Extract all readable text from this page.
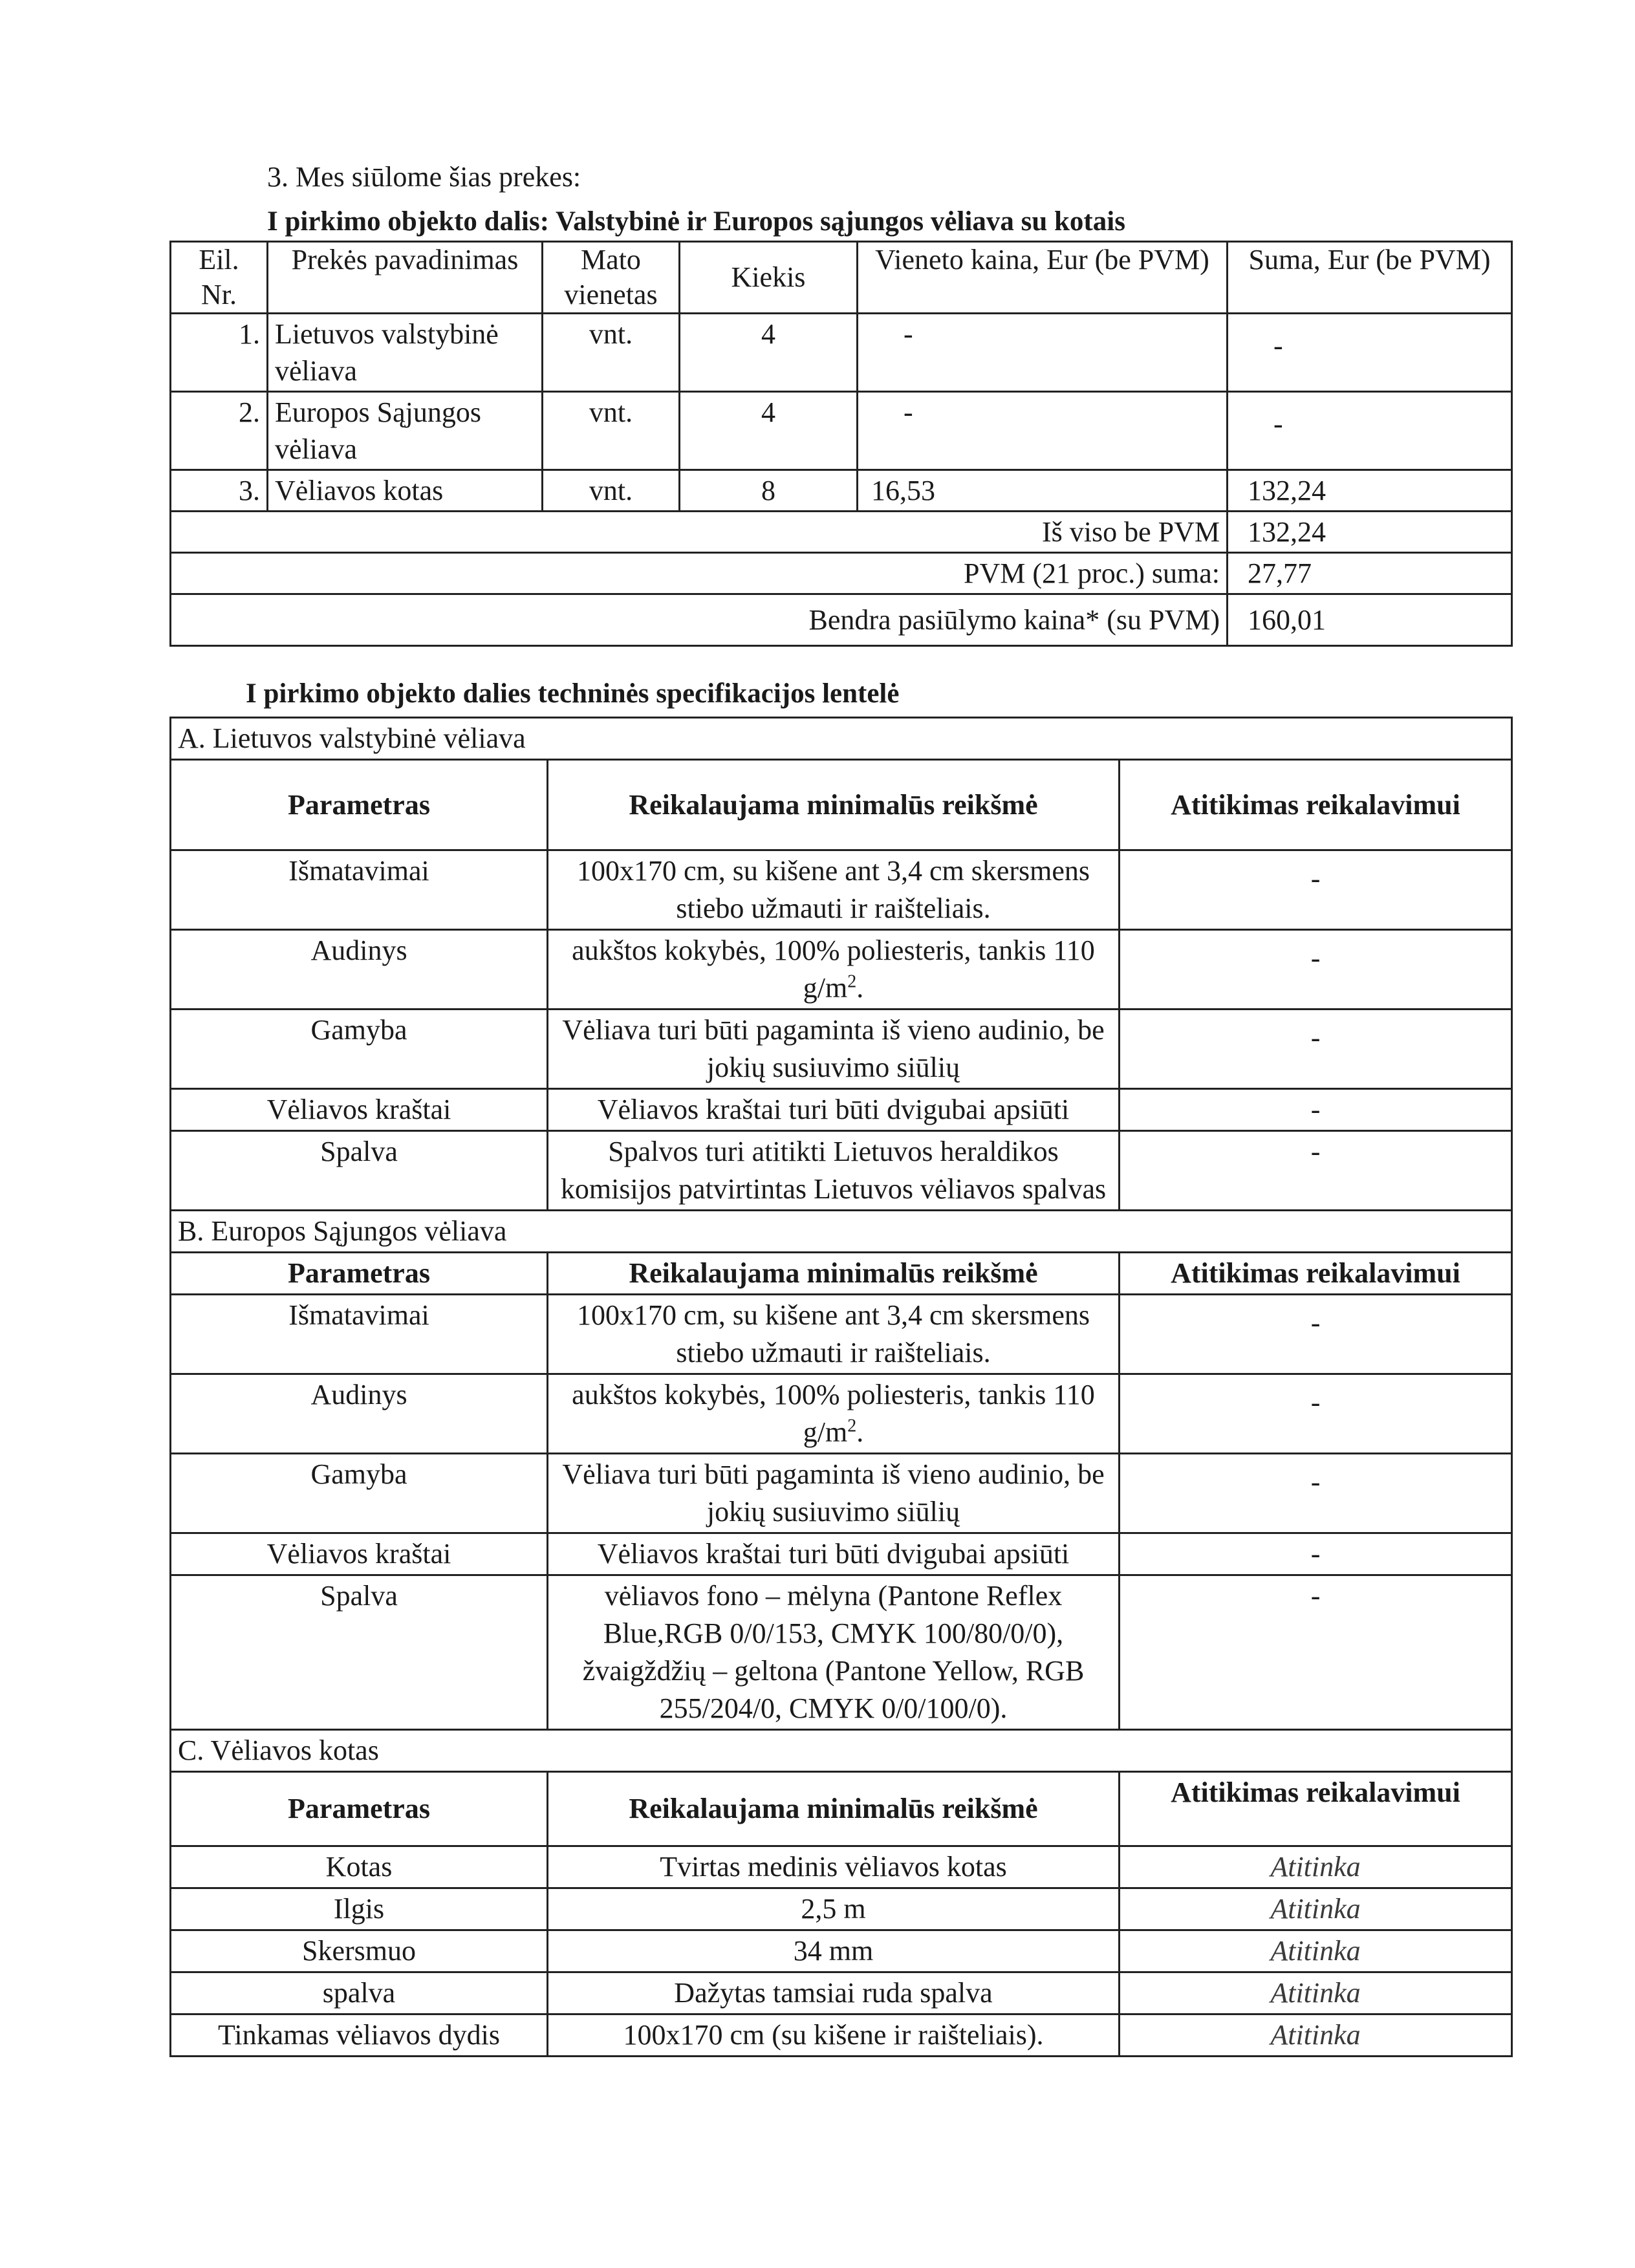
3. Mes siūlome šias prekes:
I pirkimo objekto dalis: Valstybinė ir Europos sąjungos vėliava su kotais
Eil. Nr.	Prekės pavadinimas	Mato vienetas	Kiekis	Vieneto kaina, Eur (be PVM)	Suma, Eur (be PVM)
1.	Lietuvos valstybinė vėliava	vnt.	4	-	-
2.	Europos Sąjungos vėliava	vnt.	4	-	-
3.	Vėliavos kotas	vnt.	8	16,53	132,24
Iš viso be PVM					132,24
PVM (21 proc.) suma:					27,77
Bendra pasiūlymo kaina* (su PVM)					160,01
I pirkimo objekto dalies techninės specifikacijos lentelė
A. Lietuvos valstybinė vėliava		
Parametras	Reikalaujama minimalūs reikšmė	Atitikimas reikalavimui
Išmatavimai	100x170 cm, su kišene ant 3,4 cm skersmens stiebo užmauti ir raišteliais.	-
Audinys	aukštos kokybės, 100% poliesteris, tankis 110 $g/m^2$.	-
Gamyba	Vėliava turi būti pagaminta iš vieno audinio, be jokių susiuvimo siūlių	-
Vėliavos kraštai	Vėliavos kraštai turi būti dvigubai apsiūti	-
Spalva	Spalvos turi atitikti Lietuvos heraldikos komisijos patvirtintas Lietuvos vėliavos spalvas	-
B. Europos Sąjungos vėliava		
Parametras	Reikalaujama minimalūs reikšmė	Atitikimas reikalavimui
Išmatavimai	100x170 cm, su kišene ant 3,4 cm skersmens stiebo užmauti ir raišteliais.	-
Audinys	aukštos kokybės, 100% poliesteris, tankis 110 $g/m^2$.	-
Gamyba	Vėliava turi būti pagaminta iš vieno audinio, be jokių susiuvimo siūlių	-
Vėliavos kraštai	Vėliavos kraštai turi būti dvigubai apsiūti	-
Spalva	vėliavos fono – mėlyna (Pantone Reflex Blue,RGB 0/0/153, CMYK 100/80/0/0), žvaigždžių – geltona (Pantone Yellow, RGB 255/204/0, CMYK 0/0/100/0).	-
C. Vėliavos kotas		
Parametras	Reikalaujama minimalūs reikšmė	Atitikimas reikalavimui
Kotas	Tvirtas medinis vėliavos kotas	Atitinka
Ilgis	2,5 m	Atitinka
Skersmuo	34 mm	Atitinka
spalva	Dažytas tamsiai ruda spalva	Atitinka
Tinkamas vėliavos dydis	100x170 cm (su kišene ir raišteliais).	Atitinka
